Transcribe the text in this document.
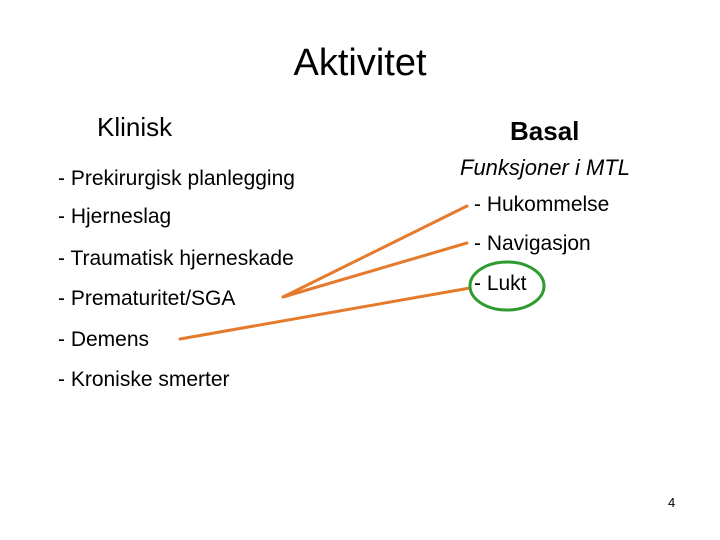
Aktivitet
Klinisk
- Prekirurgisk planlegging
- Hjerneslag
- Traumatisk hjerneskade
- Prematuritet/SGA
- Demens
- Kroniske smerter
Basal
Funksjoner i MTL
- Hukommelse
- Navigasjon
- Lukt
4
